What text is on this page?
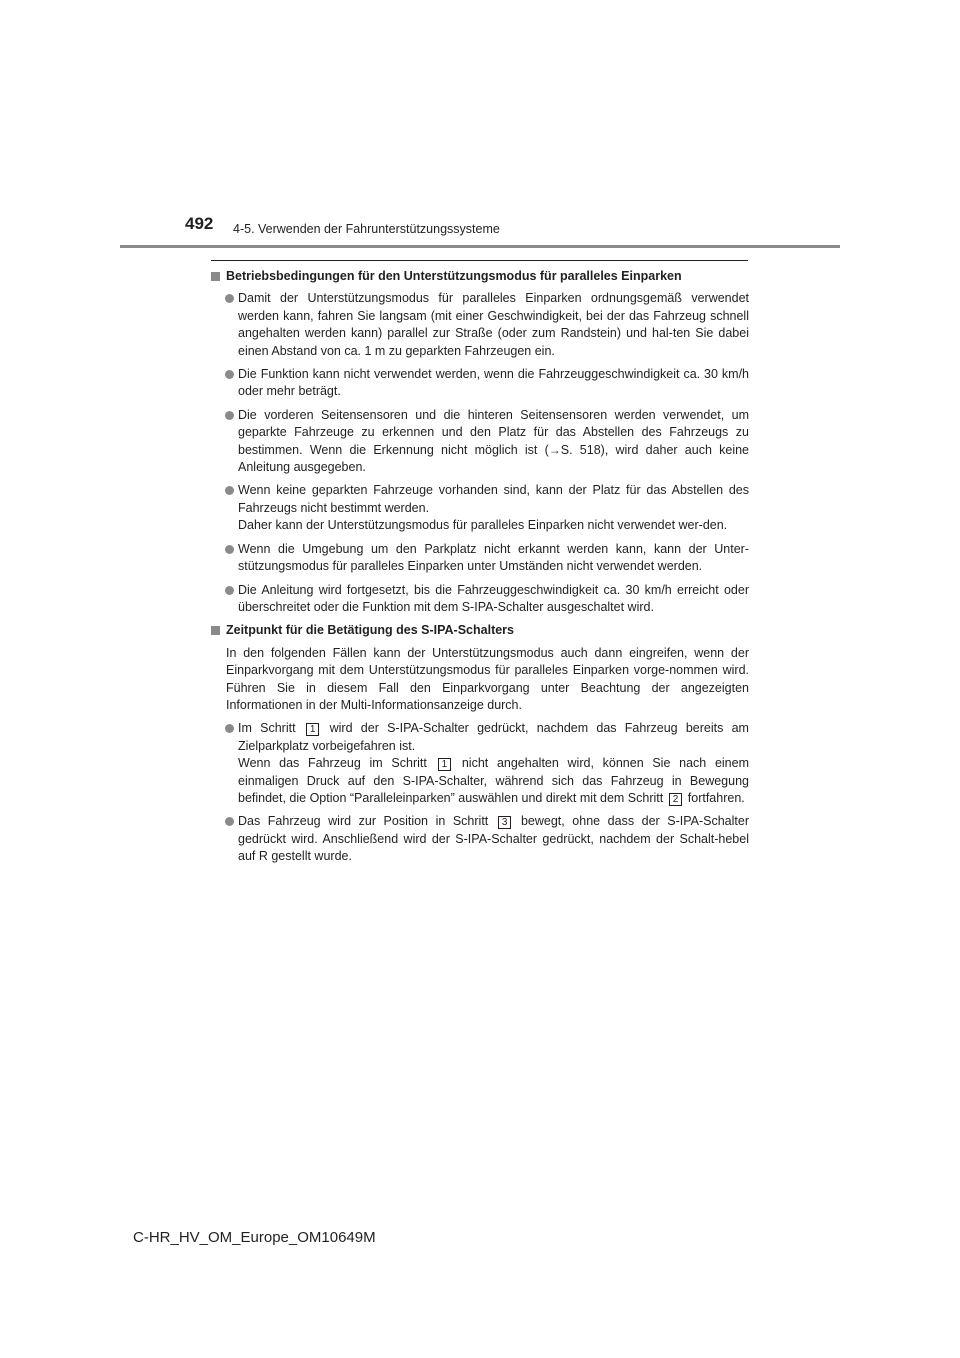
492 4-5. Verwenden der Fahrunterstützungssysteme
Betriebsbedingungen für den Unterstützungsmodus für paralleles Einparken
Damit der Unterstützungsmodus für paralleles Einparken ordnungsgemäß verwendet werden kann, fahren Sie langsam (mit einer Geschwindigkeit, bei der das Fahrzeug schnell angehalten werden kann) parallel zur Straße (oder zum Randstein) und hal-ten Sie dabei einen Abstand von ca. 1 m zu geparkten Fahrzeugen ein.
Die Funktion kann nicht verwendet werden, wenn die Fahrzeuggeschwindigkeit ca. 30 km/h oder mehr beträgt.
Die vorderen Seitensensoren und die hinteren Seitensensoren werden verwendet, um geparkte Fahrzeuge zu erkennen und den Platz für das Abstellen des Fahrzeugs zu bestimmen. Wenn die Erkennung nicht möglich ist (→S. 518), wird daher auch keine Anleitung ausgegeben.
Wenn keine geparkten Fahrzeuge vorhanden sind, kann der Platz für das Abstellen des Fahrzeugs nicht bestimmt werden.
Daher kann der Unterstützungsmodus für paralleles Einparken nicht verwendet wer-den.
Wenn die Umgebung um den Parkplatz nicht erkannt werden kann, kann der Unter-stützungsmodus für paralleles Einparken unter Umständen nicht verwendet werden.
Die Anleitung wird fortgesetzt, bis die Fahrzeuggeschwindigkeit ca. 30 km/h erreicht oder überschreitet oder die Funktion mit dem S-IPA-Schalter ausgeschaltet wird.
Zeitpunkt für die Betätigung des S-IPA-Schalters
In den folgenden Fällen kann der Unterstützungsmodus auch dann eingreifen, wenn der Einparkvorgang mit dem Unterstützungsmodus für paralleles Einparken vorge-nommen wird. Führen Sie in diesem Fall den Einparkvorgang unter Beachtung der angezeigten Informationen in der Multi-Informationsanzeige durch.
Im Schritt 1 wird der S-IPA-Schalter gedrückt, nachdem das Fahrzeug bereits am Zielparkplatz vorbeigefahren ist.
Wenn das Fahrzeug im Schritt 1 nicht angehalten wird, können Sie nach einem einmaligen Druck auf den S-IPA-Schalter, während sich das Fahrzeug in Bewegung befindet, die Option “Paralleleinparken” auswählen und direkt mit dem Schritt 2 fortfahren.
Das Fahrzeug wird zur Position in Schritt 3 bewegt, ohne dass der S-IPA-Schalter gedrückt wird. Anschließend wird der S-IPA-Schalter gedrückt, nachdem der Schalt-hebel auf R gestellt wurde.
C-HR_HV_OM_Europe_OM10649M
